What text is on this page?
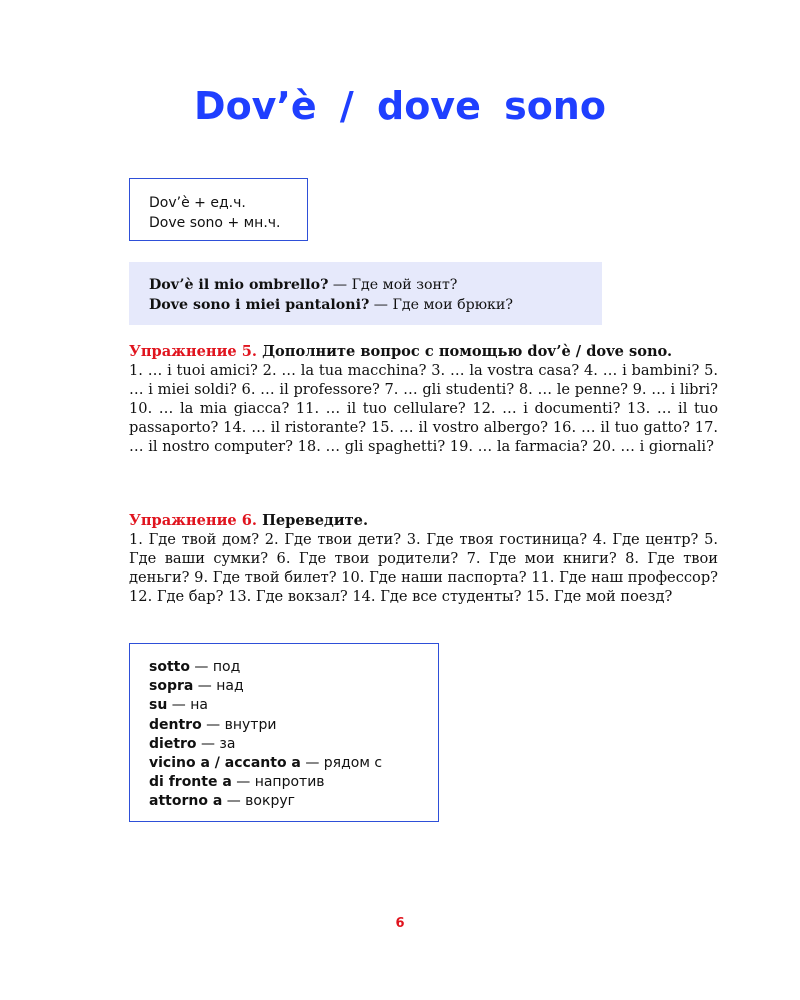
Dov’è / dove sono
Dov’è + ед.ч.
Dove sono + мн.ч.
Dov’è il mio ombrello? — Где мой зонт?
Dove sono i miei pantaloni? — Где мои брюки?
Упражнение 5. Дополните вопрос с помощью dov’è / dove sono.
1. … i tuoi amici? 2. … la tua macchina? 3. … la vostra casa? 4. … i bambini? 5. … i miei soldi? 6. … il professore? 7. … gli studenti? 8. … le penne? 9. … i libri? 10. … la mia giacca? 11. … il tuo cellulare? 12. … i documenti? 13. … il tuo passaporto? 14. … il ristorante? 15. … il vostro albergo? 16. … il tuo gatto? 17. … il nostro computer? 18. … gli spaghetti? 19. … la farmacia? 20. … i giornali?
Упражнение 6. Переведите.
1. Где твой дом? 2. Где твои дети? 3. Где твоя гостиница? 4. Где центр? 5. Где ваши сумки? 6. Где твои родители? 7. Где мои книги? 8. Где твои деньги? 9. Где твой билет? 10. Где наши паспорта? 11. Где наш профессор? 12. Где бар? 13. Где вокзал? 14. Где все студенты? 15. Где мой поезд?
sotto — под
sopra — над
su — на
dentro — внутри
dietro — за
vicino a / accanto a — рядом с
di fronte a — напротив
attorno a — вокруг
6
